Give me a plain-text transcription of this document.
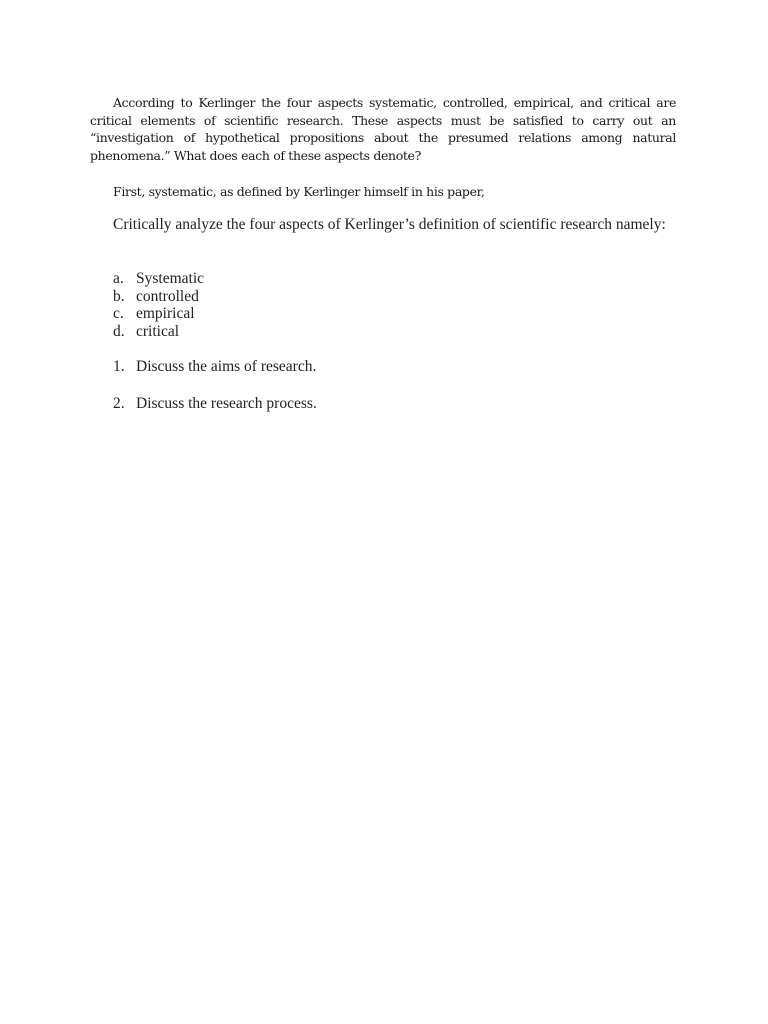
According to Kerlinger the four aspects systematic, controlled, empirical, and critical are critical elements of scientific research. These aspects must be satisfied to carry out an “investigation of hypothetical propositions about the presumed relations among natural phenomena.” What does each of these aspects denote?

First, systematic, as defined by Kerlinger himself in his paper,

Critically analyze the four aspects of Kerlinger’s definition of scientific research namely:

a. Systematic
b. controlled
c. empirical
d. critical
1. Discuss the aims of research.
2. Discuss the research process.
